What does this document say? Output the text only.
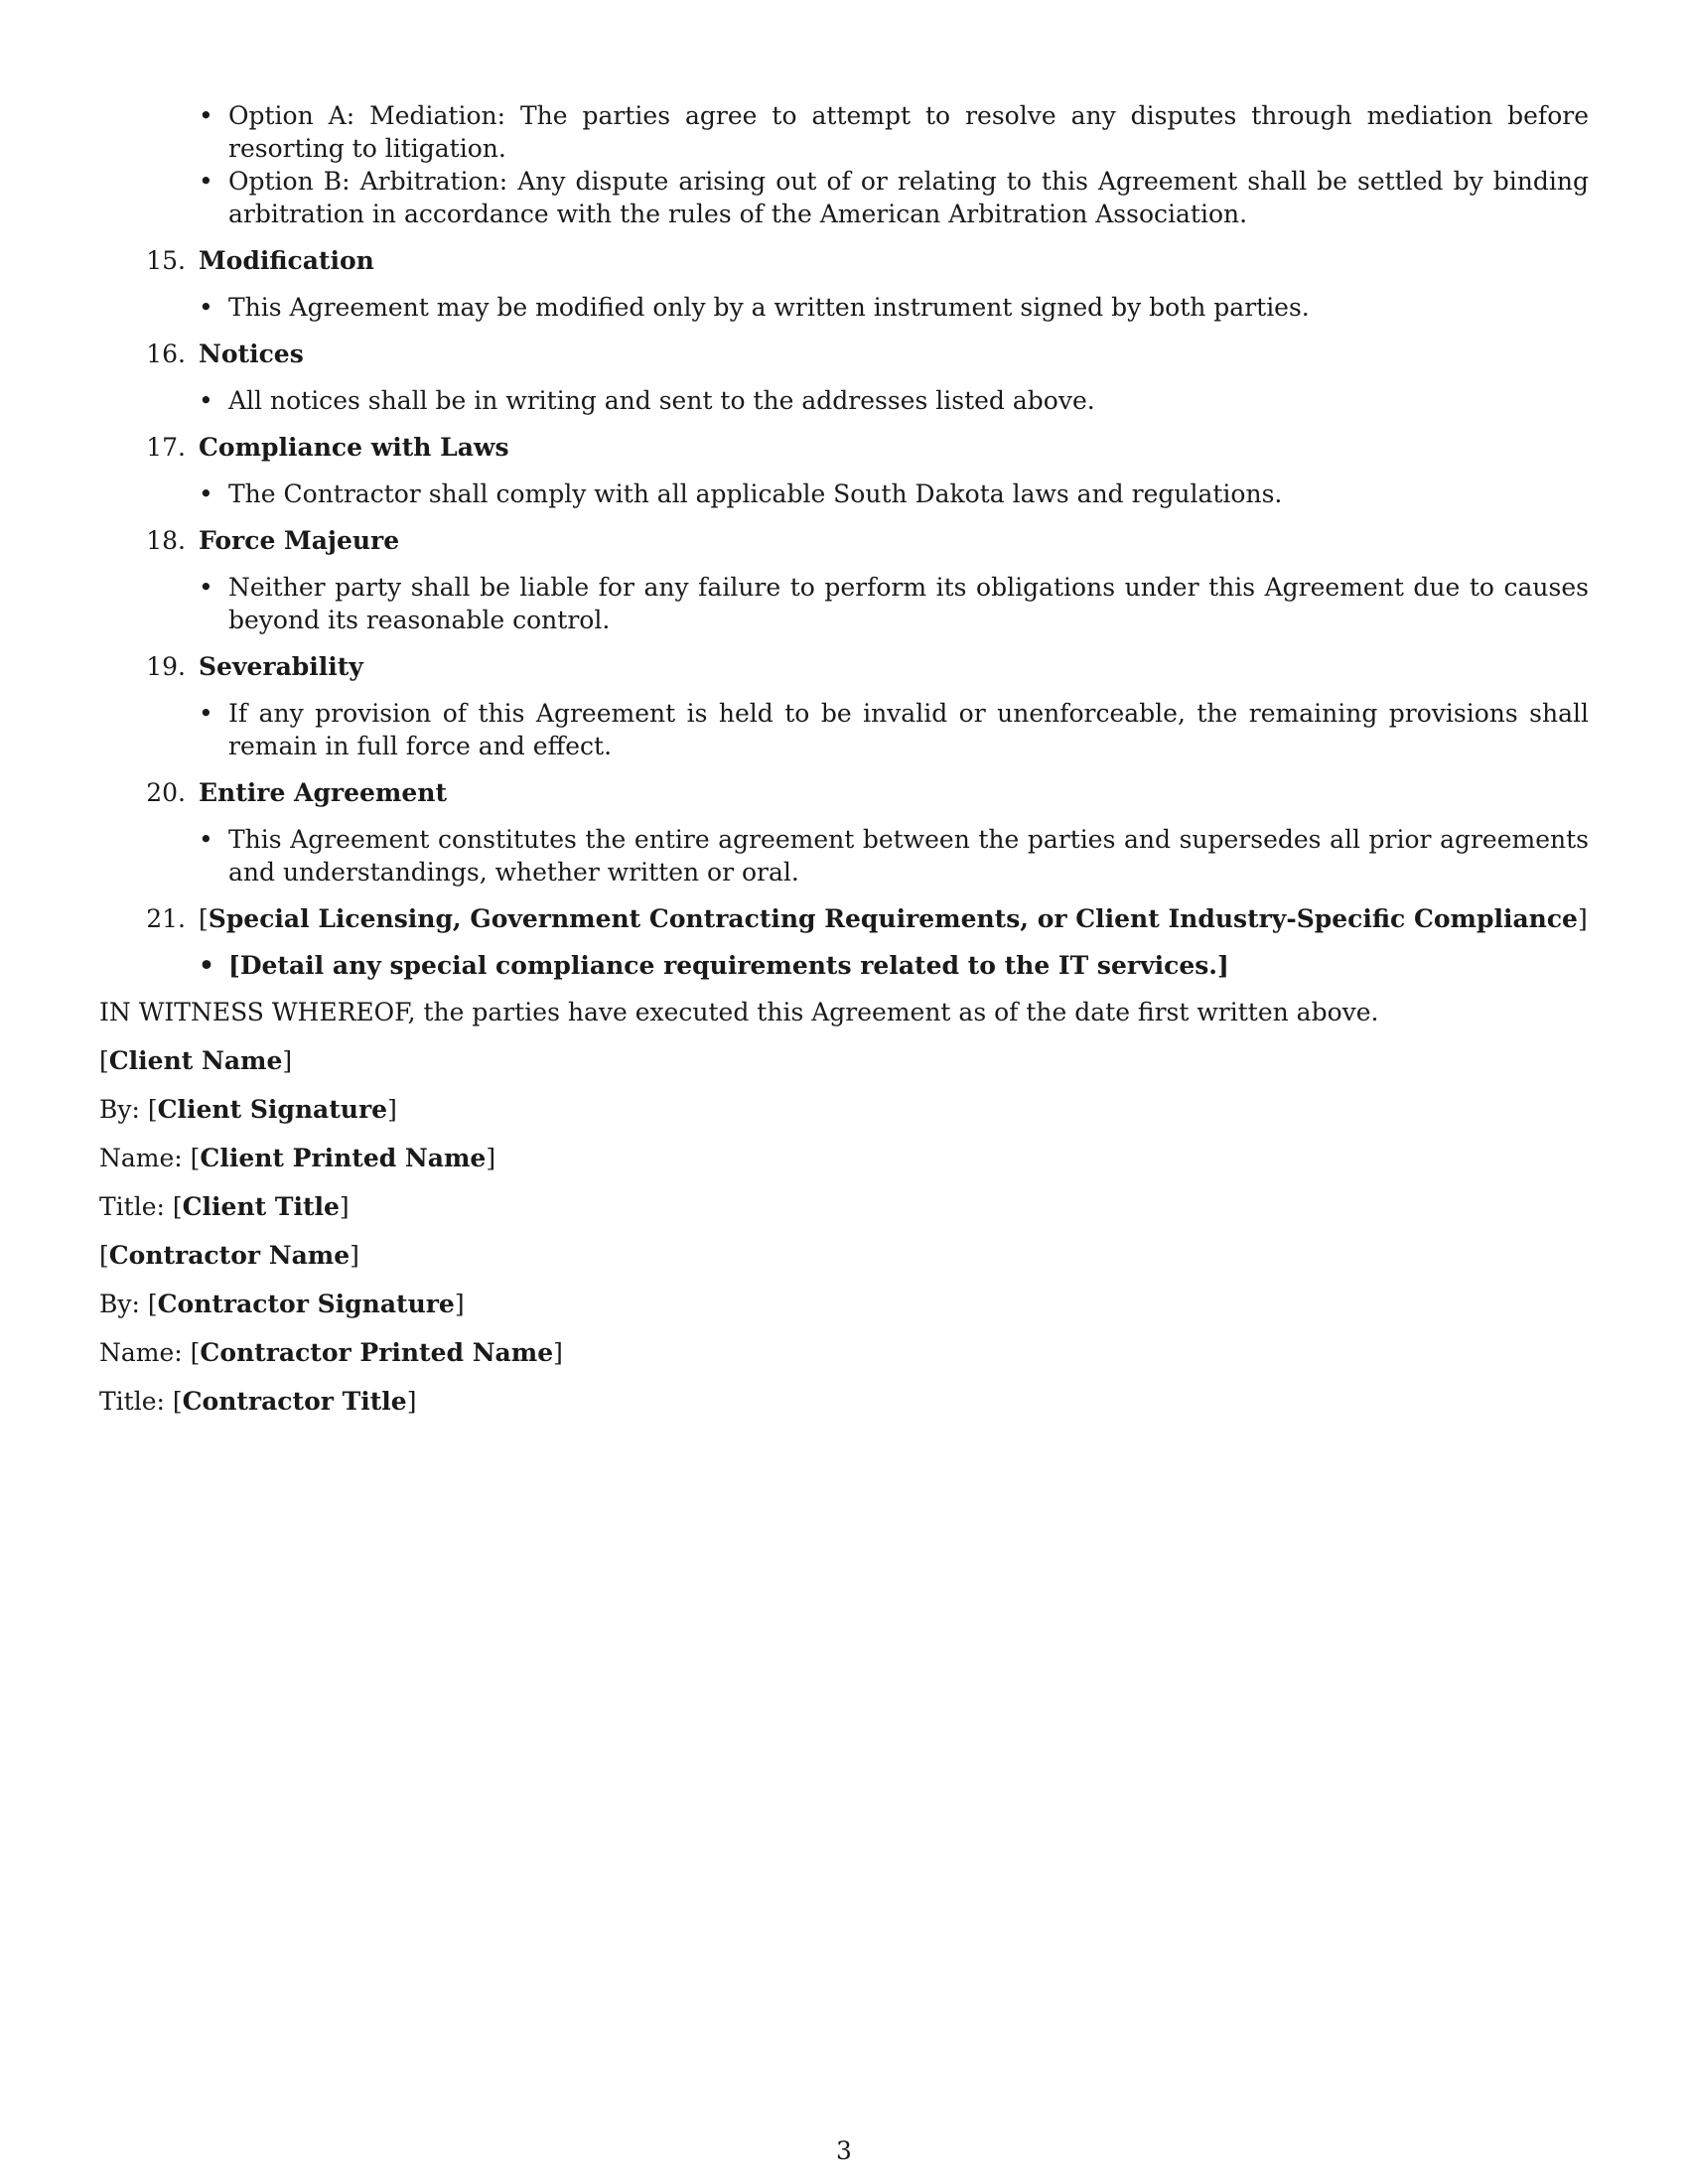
• Option A: Mediation: The parties agree to attempt to resolve any disputes through mediation before resorting to litigation.
• Option B: Arbitration: Any dispute arising out of or relating to this Agreement shall be settled by binding arbitration in accordance with the rules of the American Arbitration Association.
15. Modification
• This Agreement may be modified only by a written instrument signed by both parties.
16. Notices
• All notices shall be in writing and sent to the addresses listed above.
17. Compliance with Laws
• The Contractor shall comply with all applicable South Dakota laws and regulations.
18. Force Majeure
• Neither party shall be liable for any failure to perform its obligations under this Agreement due to causes beyond its reasonable control.
19. Severability
• If any provision of this Agreement is held to be invalid or unenforceable, the remaining provisions shall remain in full force and effect.
20. Entire Agreement
• This Agreement constitutes the entire agreement between the parties and supersedes all prior agreements and understandings, whether written or oral.
21. [Special Licensing, Government Contracting Requirements, or Client Industry-Specific Compliance]
• [Detail any special compliance requirements related to the IT services.]

IN WITNESS WHEREOF, the parties have executed this Agreement as of the date first written above.

[Client Name]

By: [Client Signature]

Name: [Client Printed Name]

Title: [Client Title]

[Contractor Name]

By: [Contractor Signature]

Name: [Contractor Printed Name]

Title: [Contractor Title]

3
